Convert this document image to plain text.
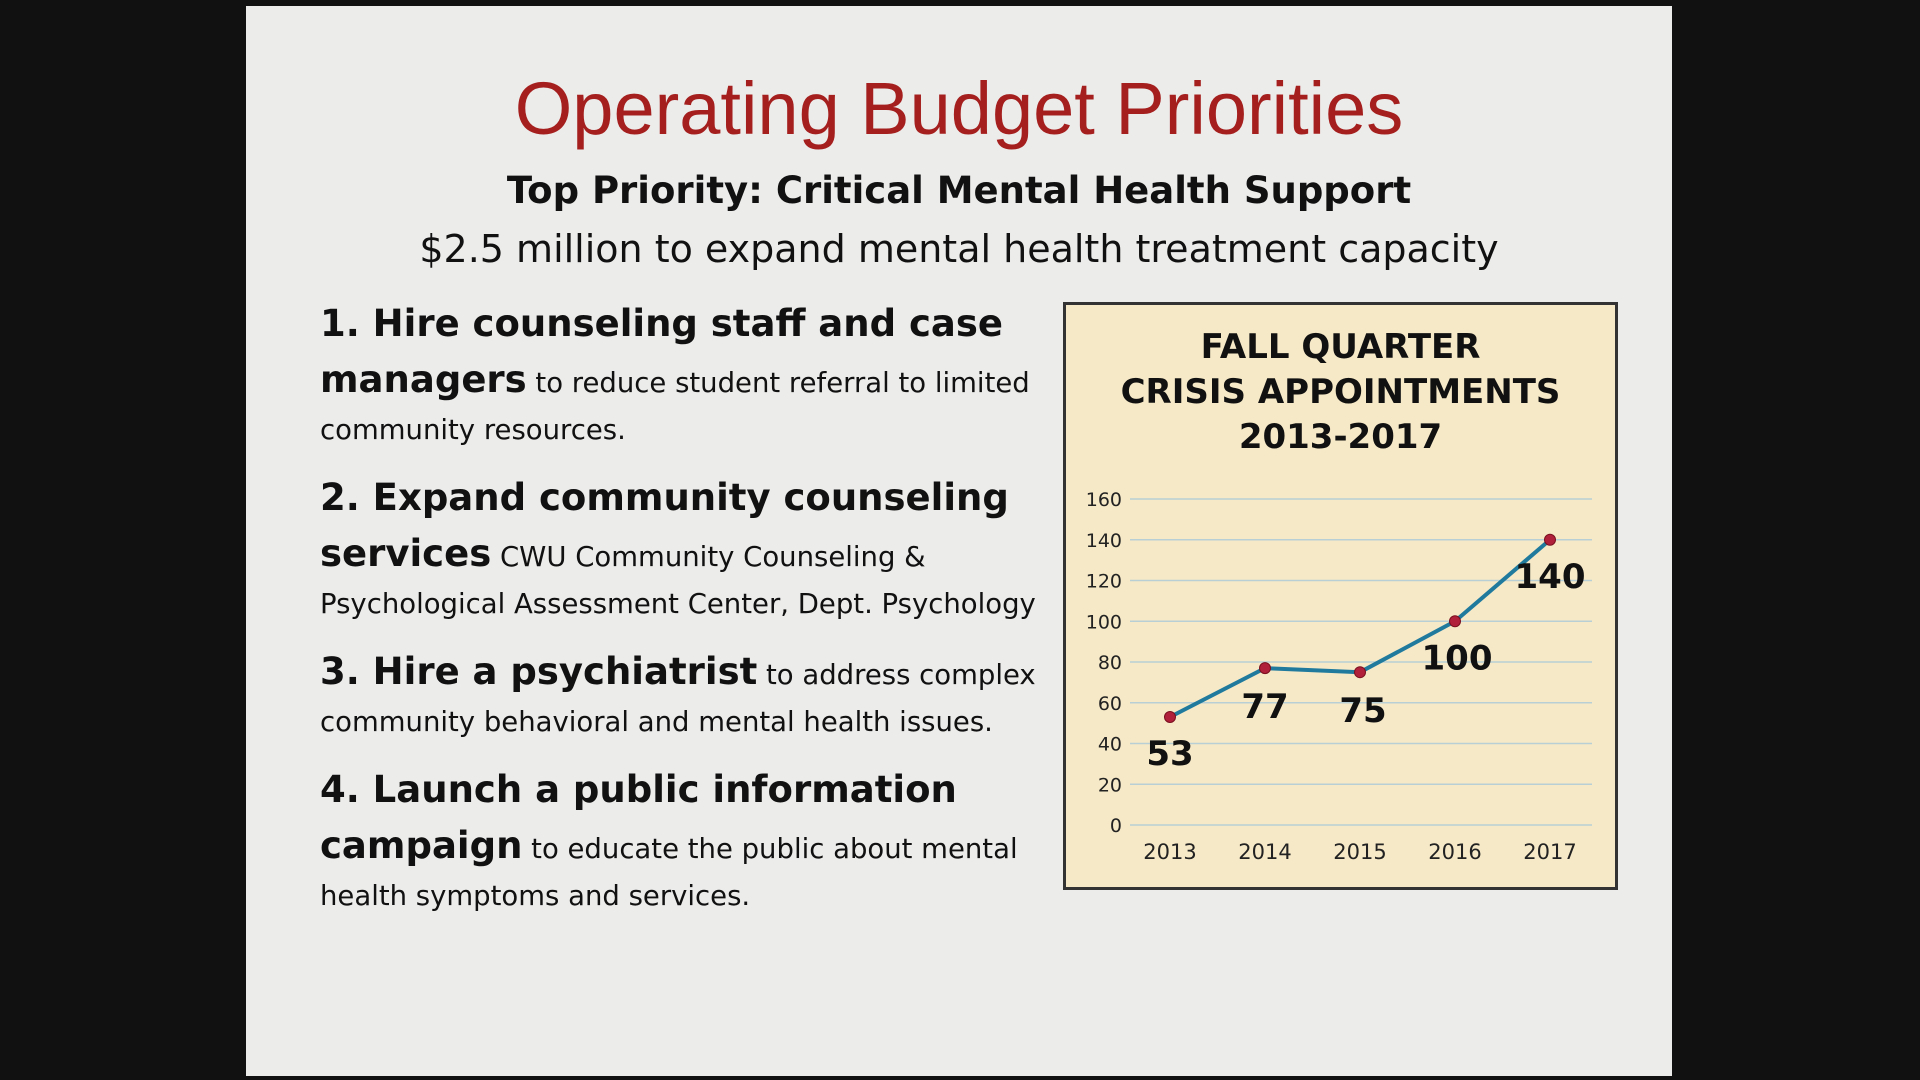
Operating Budget Priorities
Top Priority: Critical Mental Health Support
$2.5 million to expand mental health treatment capacity
1. Hire counseling staff and case managers to reduce student referral to limited community resources.
2. Expand community counseling services CWU Community Counseling & Psychological Assessment Center, Dept. Psychology
3. Hire a psychiatrist to address complex community behavioral and mental health issues.
4. Launch a public information campaign to educate the public about mental health symptoms and services.
FALL QUARTER
CRISIS APPOINTMENTS
2013-2017
0
20
40
60
80
100
120
140
160
2013 2014 2015 2016 2017
53
77 75
100
140
